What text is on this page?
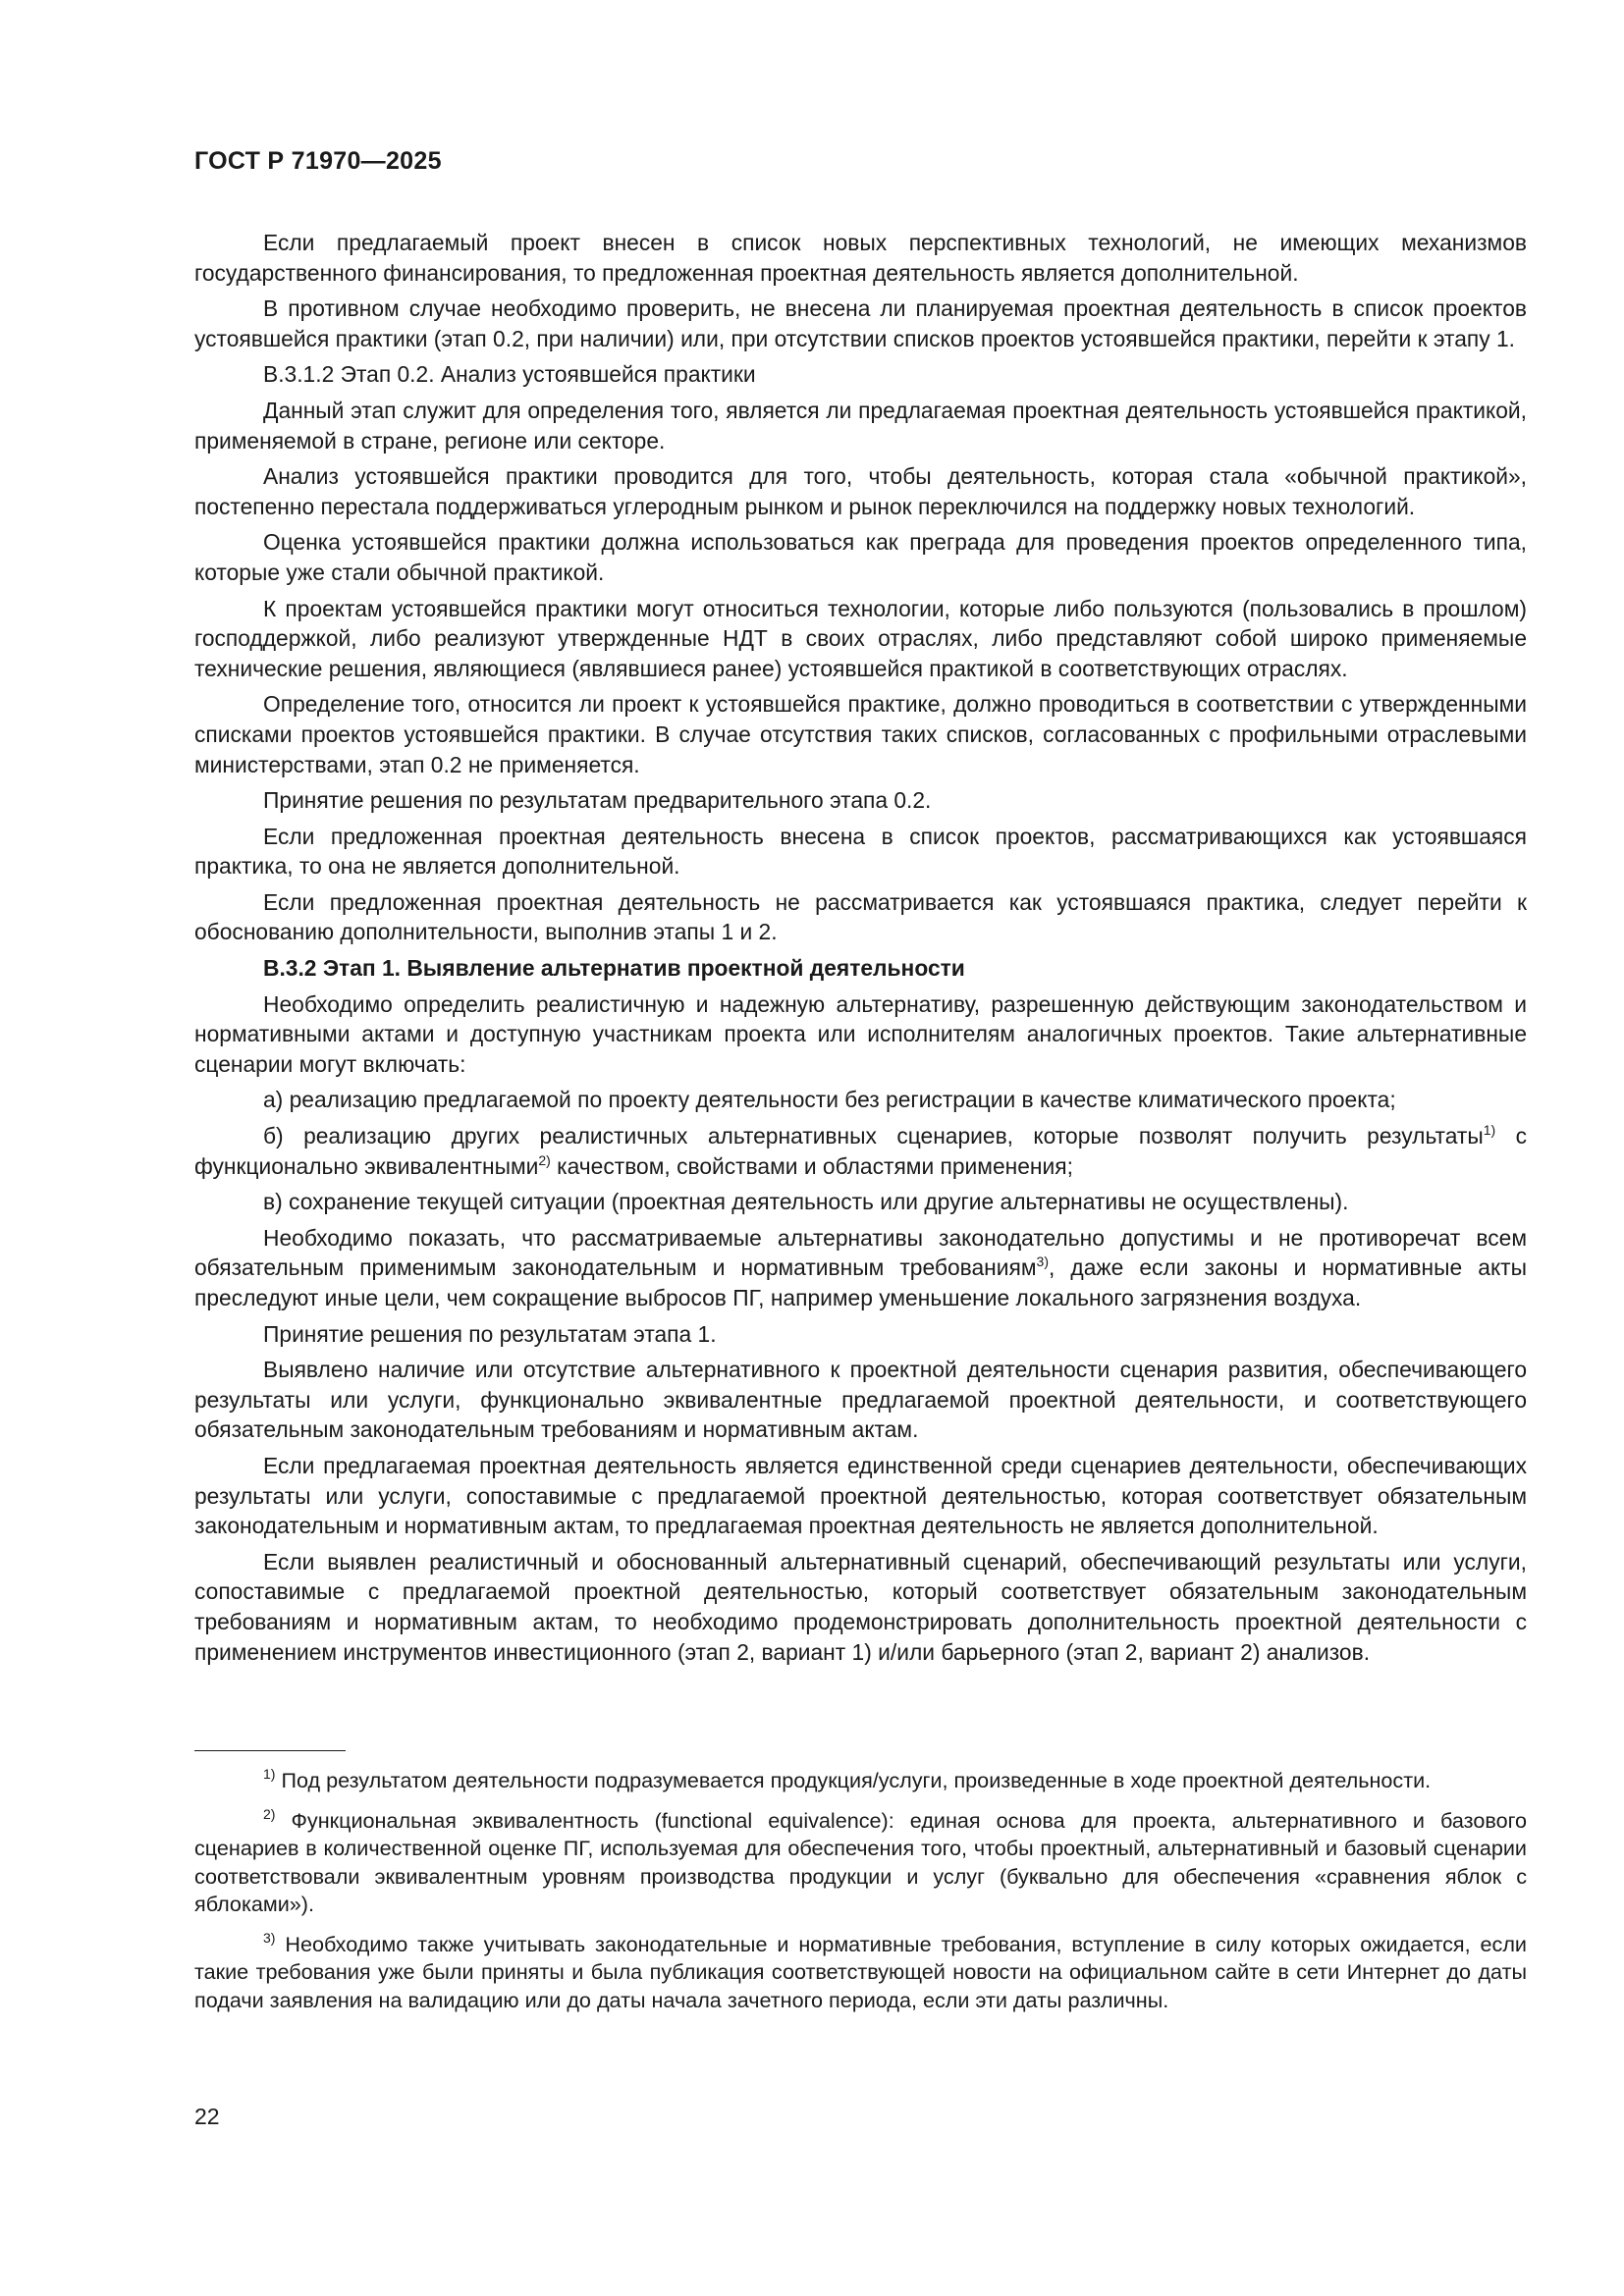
ГОСТ Р 71970—2025

Если предлагаемый проект внесен в список новых перспективных технологий, не имеющих механизмов государственного финансирования, то предложенная проектная деятельность является дополнительной.

В противном случае необходимо проверить, не внесена ли планируемая проектная деятельность в список проектов устоявшейся практики (этап 0.2, при наличии) или, при отсутствии списков проектов устоявшейся практики, перейти к этапу 1.

В.3.1.2 Этап 0.2. Анализ устоявшейся практики

Данный этап служит для определения того, является ли предлагаемая проектная деятельность устоявшейся практикой, применяемой в стране, регионе или секторе.

Анализ устоявшейся практики проводится для того, чтобы деятельность, которая стала «обычной практикой», постепенно перестала поддерживаться углеродным рынком и рынок переключился на поддержку новых технологий.

Оценка устоявшейся практики должна использоваться как преграда для проведения проектов определенного типа, которые уже стали обычной практикой.

К проектам устоявшейся практики могут относиться технологии, которые либо пользуются (пользовались в прошлом) господдержкой, либо реализуют утвержденные НДТ в своих отраслях, либо представляют собой широко применяемые технические решения, являющиеся (являвшиеся ранее) устоявшейся практикой в соответствующих отраслях.

Определение того, относится ли проект к устоявшейся практике, должно проводиться в соответствии с утвержденными списками проектов устоявшейся практики. В случае отсутствия таких списков, согласованных с профильными отраслевыми министерствами, этап 0.2 не применяется.

Принятие решения по результатам предварительного этапа 0.2.

Если предложенная проектная деятельность внесена в список проектов, рассматривающихся как устоявшаяся практика, то она не является дополнительной.

Если предложенная проектная деятельность не рассматривается как устоявшаяся практика, следует перейти к обоснованию дополнительности, выполнив этапы 1 и 2.

В.3.2 Этап 1. Выявление альтернатив проектной деятельности

Необходимо определить реалистичную и надежную альтернативу, разрешенную действующим законодательством и нормативными актами и доступную участникам проекта или исполнителям аналогичных проектов. Такие альтернативные сценарии могут включать:

а) реализацию предлагаемой по проекту деятельности без регистрации в качестве климатического проекта;

б) реализацию других реалистичных альтернативных сценариев, которые позволят получить результаты$^{1)}$ с функционально эквивалентными$^{2)}$ качеством, свойствами и областями применения;

в) сохранение текущей ситуации (проектная деятельность или другие альтернативы не осуществлены).

Необходимо показать, что рассматриваемые альтернативы законодательно допустимы и не противоречат всем обязательным применимым законодательным и нормативным требованиям$^{3)}$, даже если законы и нормативные акты преследуют иные цели, чем сокращение выбросов ПГ, например уменьшение локального загрязнения воздуха.

Принятие решения по результатам этапа 1.

Выявлено наличие или отсутствие альтернативного к проектной деятельности сценария развития, обеспечивающего результаты или услуги, функционально эквивалентные предлагаемой проектной деятельности, и соответствующего обязательным законодательным требованиям и нормативным актам.

Если предлагаемая проектная деятельность является единственной среди сценариев деятельности, обеспечивающих результаты или услуги, сопоставимые с предлагаемой проектной деятельностью, которая соответствует обязательным законодательным и нормативным актам, то предлагаемая проектная деятельность не является дополнительной.

Если выявлен реалистичный и обоснованный альтернативный сценарий, обеспечивающий результаты или услуги, сопоставимые с предлагаемой проектной деятельностью, который соответствует обязательным законодательным требованиям и нормативным актам, то необходимо продемонстрировать дополнительность проектной деятельности с применением инструментов инвестиционного (этап 2, вариант 1) и/или барьерного (этап 2, вариант 2) анализов.

$^{1)}$ Под результатом деятельности подразумевается продукция/услуги, произведенные в ходе проектной деятельности.

$^{2)}$ Функциональная эквивалентность (functional equivalence): единая основа для проекта, альтернативного и базового сценариев в количественной оценке ПГ, используемая для обеспечения того, чтобы проектный, альтернативный и базовый сценарии соответствовали эквивалентным уровням производства продукции и услуг (буквально для обеспечения «сравнения яблок с яблоками»).

$^{3)}$ Необходимо также учитывать законодательные и нормативные требования, вступление в силу которых ожидается, если такие требования уже были приняты и была публикация соответствующей новости на официальном сайте в сети Интернет до даты подачи заявления на валидацию или до даты начала зачетного периода, если эти даты различны.

22
